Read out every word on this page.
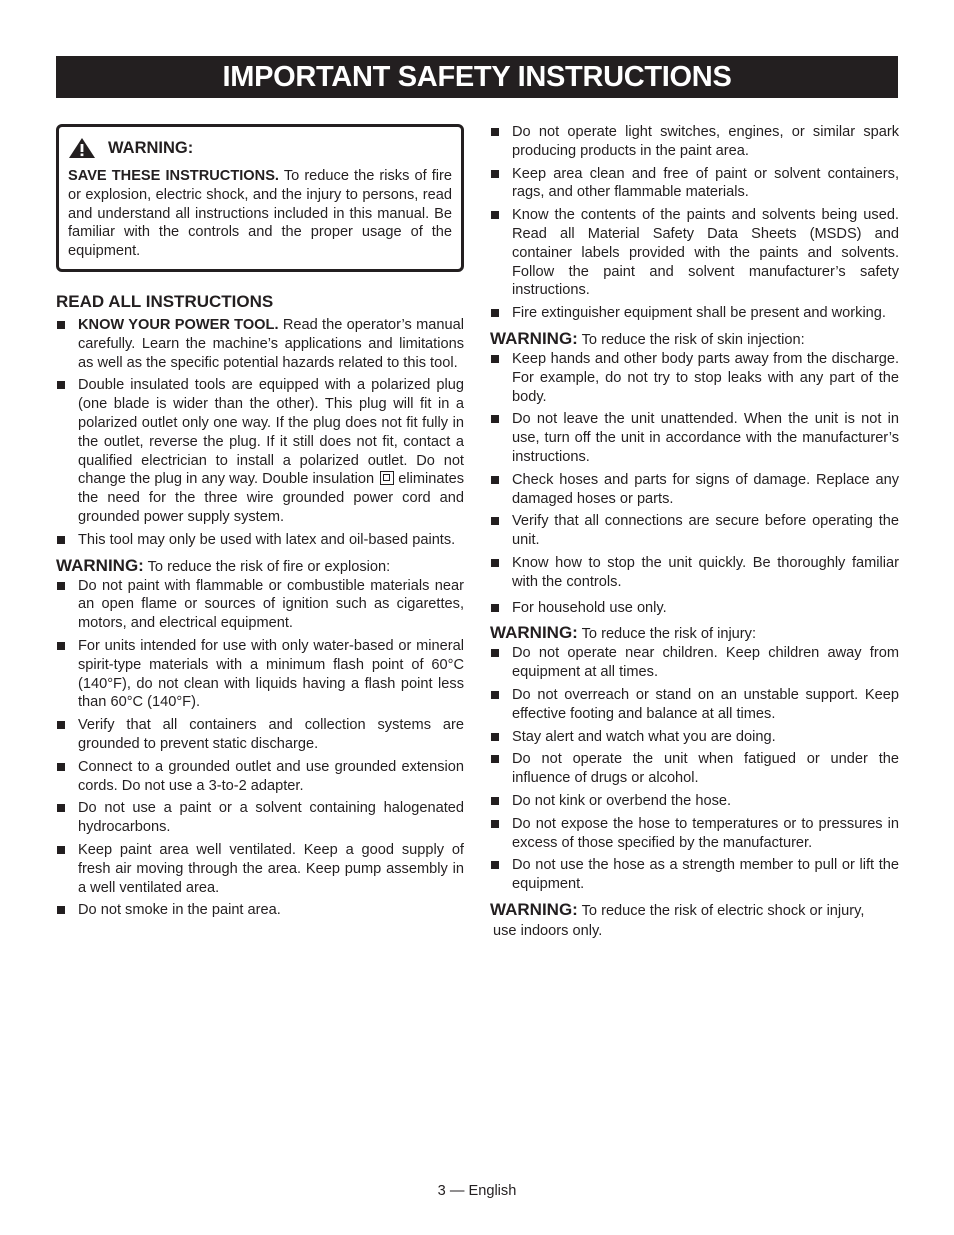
IMPORTANT SAFETY INSTRUCTIONS
WARNING:
SAVE THESE INSTRUCTIONS. To reduce the risks of fire or explosion, electric shock, and the injury to persons, read and understand all instructions included in this manual. Be familiar with the controls and the proper usage of the equipment.
READ ALL INSTRUCTIONS
KNOW YOUR POWER TOOL. Read the operator’s manual carefully. Learn the machine’s applications and limitations as well as the specific potential hazards related to this tool.
Double insulated tools are equipped with a polarized plug (one blade is wider than the other). This plug will fit in a polarized outlet only one way. If the plug does not fit fully in the outlet, reverse the plug. If it still does not fit, contact a qualified electrician to install a polarized outlet. Do not change the plug in any way. Double insulation  eliminates the need for the three wire grounded power cord and grounded power supply system.
This tool may only be used with latex and oil-based paints.
WARNING: To reduce the risk of fire or explosion:
Do not paint with flammable or combustible materials near an open flame or sources of ignition such as cigarettes, motors, and electrical equipment.
For units intended for use with only water-based or mineral spirit-type materials with a minimum flash point of 60°C (140°F), do not clean with liquids having a flash point less than 60°C (140°F).
Verify that all containers and collection systems are grounded to prevent static discharge.
Connect to a grounded outlet and use grounded extension cords. Do not use a 3-to-2 adapter.
Do not use a paint or a solvent containing halogenated hydrocarbons.
Keep paint area well ventilated. Keep a good supply of fresh air moving through the area. Keep pump assembly in a well ventilated area.
Do not smoke in the paint area.
Do not operate light switches, engines, or similar spark producing products in the paint area.
Keep area clean and free of paint or solvent containers, rags, and other flammable materials.
Know the contents of the paints and solvents being used. Read all Material Safety Data Sheets (MSDS) and container labels provided with the paints and solvents. Follow the paint and solvent manufacturer’s safety instructions.
Fire extinguisher equipment shall be present and working.
WARNING: To reduce the risk of skin injection:
Keep hands and other body parts away from the discharge. For example, do not try to stop leaks with any part of the body.
Do not leave the unit unattended. When the unit is not in use, turn off the unit in accordance with the manufacturer’s instructions.
Check hoses and parts for signs of damage. Replace any damaged hoses or parts.
Verify that all connections are secure before operating the unit.
Know how to stop the unit quickly. Be thoroughly familiar with the controls.
For household use only.
WARNING: To reduce the risk of injury:
Do not operate near children. Keep children away from equipment at all times.
Do not overreach or stand on an unstable support. Keep effective footing and balance at all times.
Stay alert and watch what you are doing.
Do not operate the unit when fatigued or under the influence of drugs or alcohol.
Do not kink or overbend the hose.
Do not expose the hose to temperatures or to pressures in excess of those specified by the manufacturer.
Do not use the hose as a strength member to pull or lift the equipment.
WARNING: To reduce the risk of electric shock or injury,
use indoors only.
3 — English
